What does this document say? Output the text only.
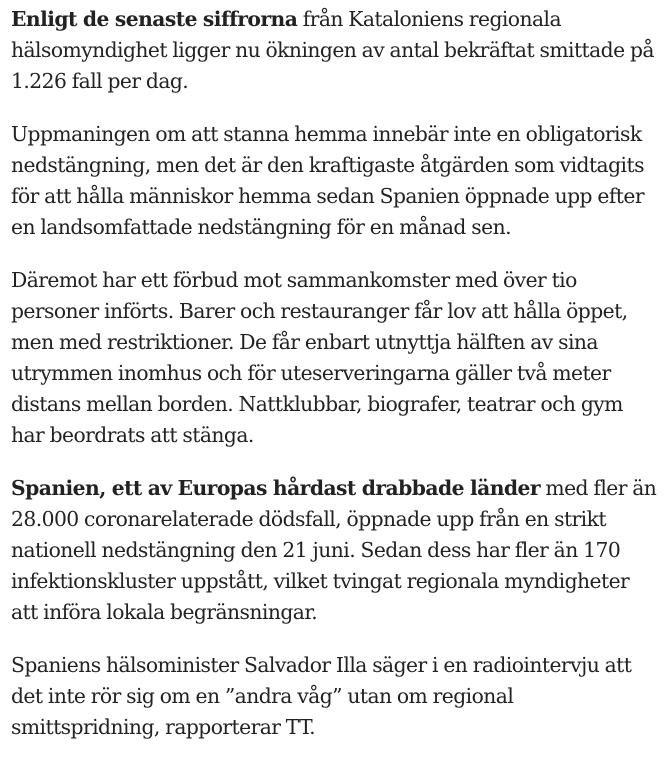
Enligt de senaste siffrorna från Kataloniens regionala hälsomyndighet ligger nu ökningen av antal bekräftat smittade på 1.226 fall per dag.

Uppmaningen om att stanna hemma innebär inte en obligatorisk nedstängning, men det är den kraftigaste åtgärden som vidtagits för att hålla människor hemma sedan Spanien öppnade upp efter en landsomfattade nedstängning för en månad sen.

Däremot har ett förbud mot sammankomster med över tio personer införts. Barer och restauranger får lov att hålla öppet, men med restriktioner. De får enbart utnyttja hälften av sina utrymmen inomhus och för uteserveringarna gäller två meter distans mellan borden. Nattklubbar, biografer, teatrar och gym har beordrats att stänga.

Spanien, ett av Europas hårdast drabbade länder med fler än 28.000 coronarelaterade dödsfall, öppnade upp från en strikt nationell nedstängning den 21 juni. Sedan dess har fler än 170 infektionskluster uppstått, vilket tvingat regionala myndigheter att införa lokala begränsningar.

Spaniens hälsominister Salvador Illa säger i en radiointervju att det inte rör sig om en ”andra våg” utan om regional smittspridning, rapporterar TT.
